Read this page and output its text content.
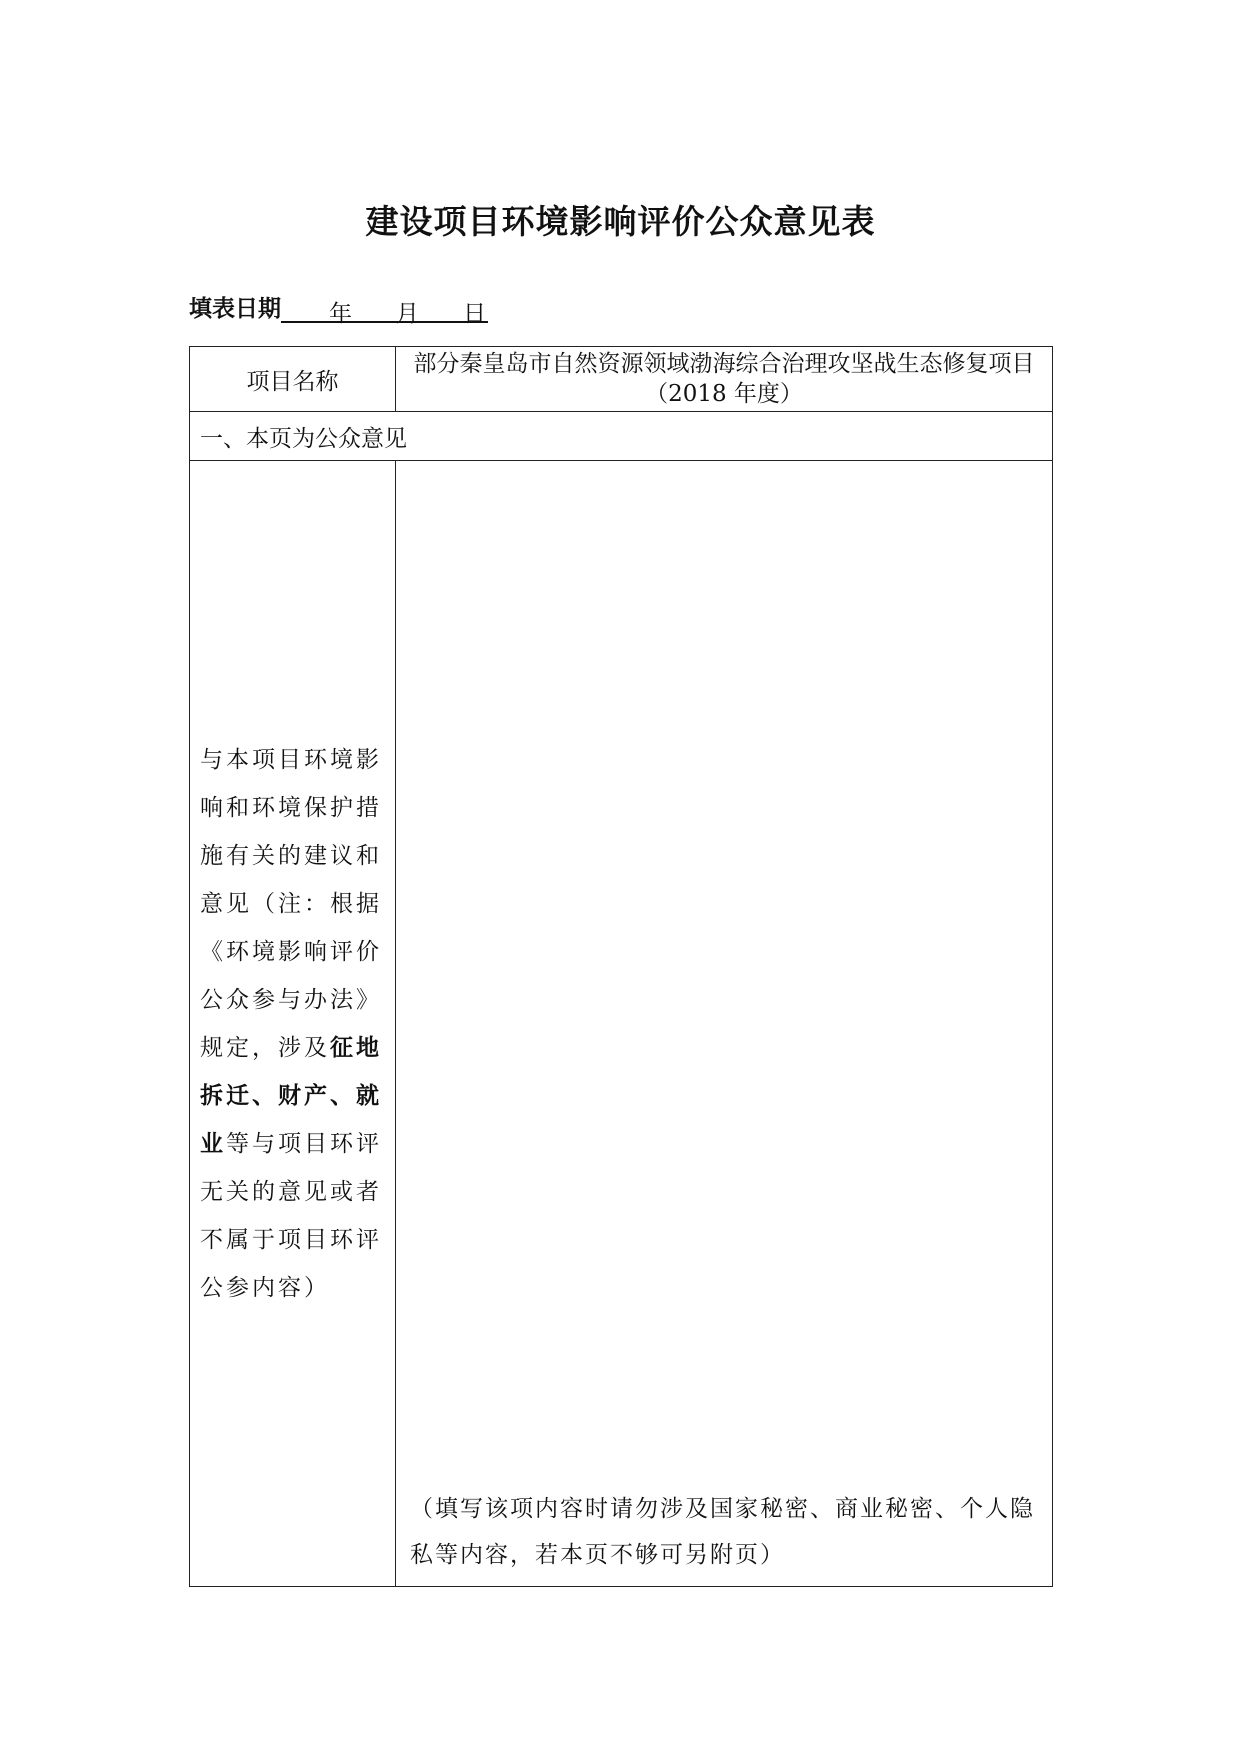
建设项目环境影响评价公众意见表
填表日期 年 月 日
项目名称	部分秦皇岛市自然资源领域渤海综合治理攻坚战生态修复项目（2018 年度）
一、本页为公众意见	
与本项目环境影响和环境保护措施有关的建议和意见（注：根据《环境影响评价公众参与办法》规定，涉及征地拆迁、财产、就业等与项目环评无关的意见或者不属于项目环评公参内容）	（填写该项内容时请勿涉及国家秘密、商业秘密、个人隐私等内容，若本页不够可另附页）
